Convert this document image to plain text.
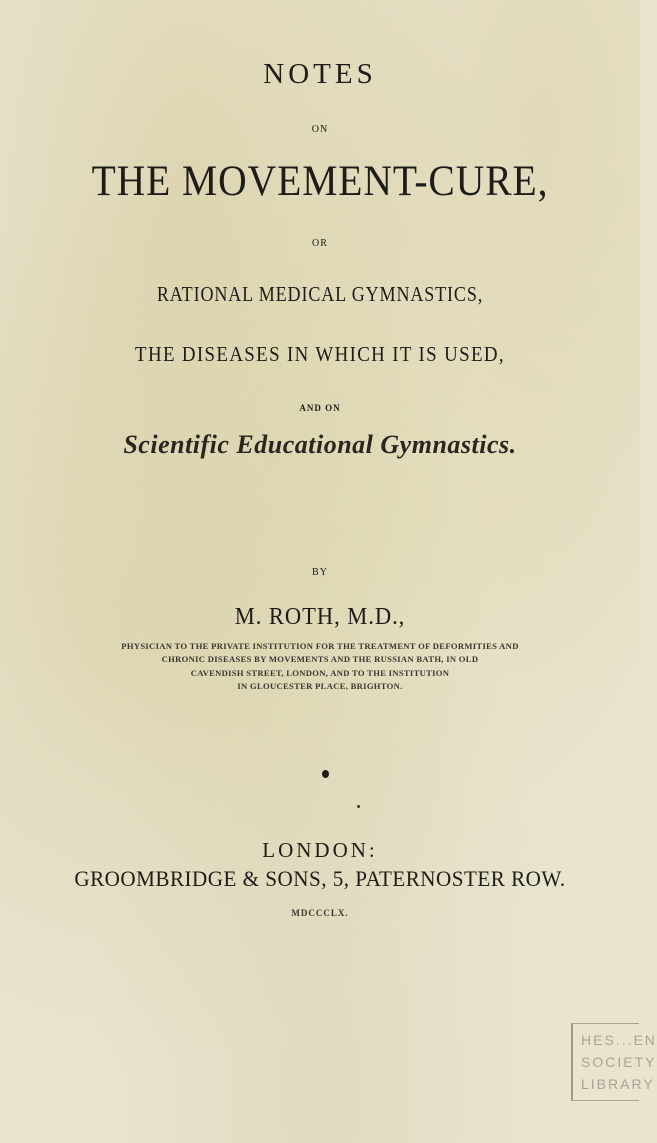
NOTES
ON
THE MOVEMENT-CURE,
OR
RATIONAL MEDICAL GYMNASTICS,
THE DISEASES IN WHICH IT IS USED,
AND ON
Scientific Educational Gymnastics.
BY
M. ROTH, M.D.,
PHYSICIAN TO THE PRIVATE INSTITUTION FOR THE TREATMENT OF DEFORMITIES AND
CHRONIC DISEASES BY MOVEMENTS AND THE RUSSIAN BATH, IN OLD
CAVENDISH STREET, LONDON, AND TO THE INSTITUTION
IN GLOUCESTER PLACE, BRIGHTON.
LONDON:
GROOMBRIDGE & SONS, 5, PATERNOSTER ROW.
MDCCCLX.
HES...EN
SOCIETY
LIBRARY
